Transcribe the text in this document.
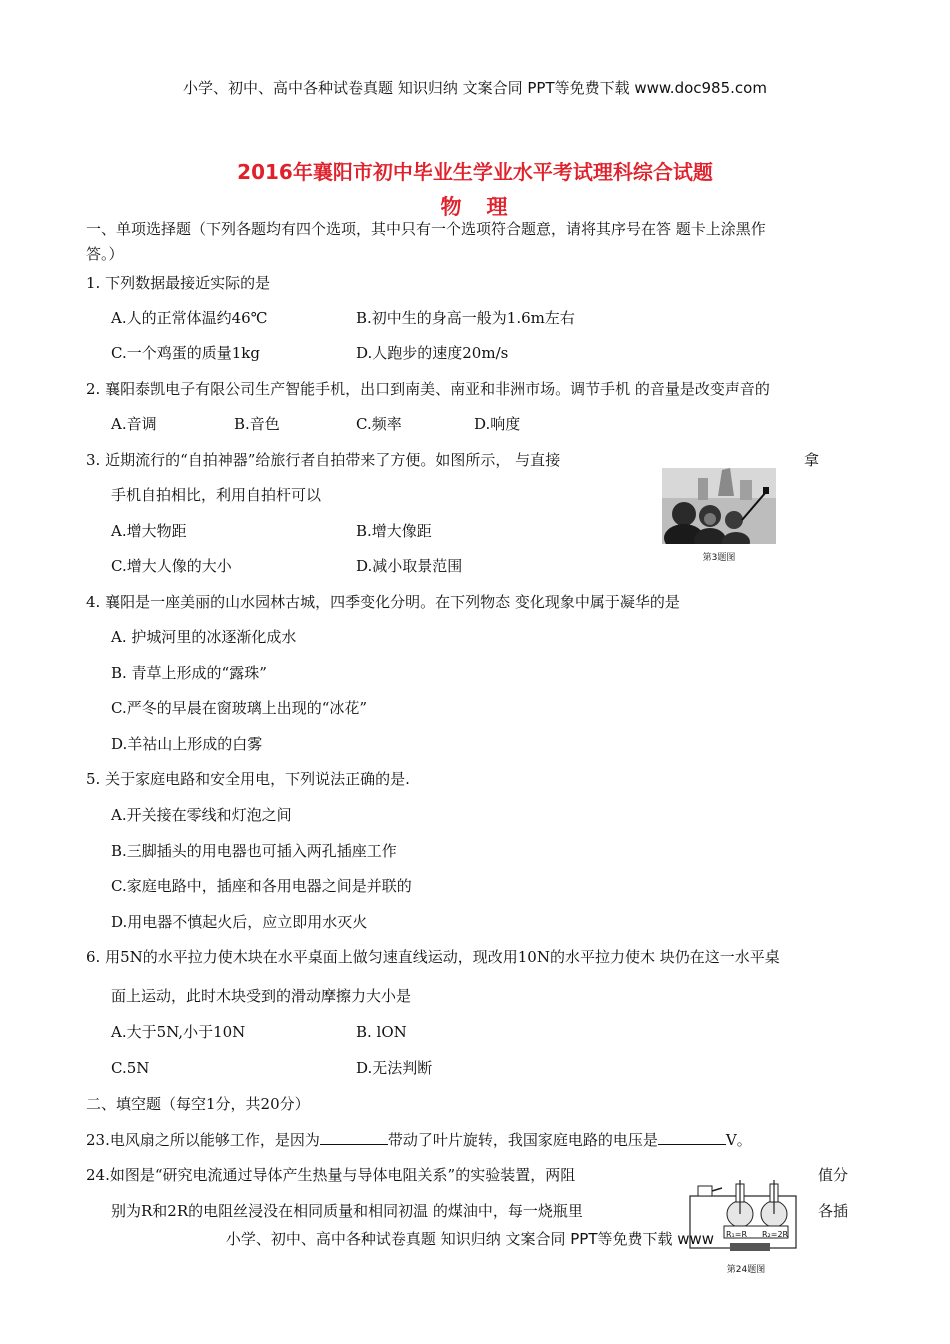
小学、初中、高中各种试卷真题 知识归纳 文案合同 PPT等免费下载 www.doc985.com
2016年襄阳市初中毕业生学业水平考试理科综合试题
物　理
一、单项选择题（下列各题均有四个选项，其中只有一个选项符合题意，请将其序号在答 题卡上涂黑作
答。）
1. 下列数据最接近实际的是
A.人的正常体温约46℃	B.初中生的身高一般为1.6m左右
C.一个鸡蛋的质量1kg	D.人跑步的速度20m/s
2. 襄阳泰凯电子有限公司生产智能手机，出口到南美、南亚和非洲市场。调节手机 的音量是改变声音的
A.音调	B.音色	C.频率	D.响度
3. 近期流行的“自拍神器”给旅行者自拍带来了方便。如图所示， 与直接	拿
手机自拍相比，利用自拍杆可以
A.增大物距	B.增大像距
C.增大人像的大小	D.减小取景范围	第3题图
4. 襄阳是一座美丽的山水园林古城，四季变化分明。在下列物态 变化现象中属于凝华的是
A. 护城河里的冰逐渐化成水
B. 青草上形成的“露珠”
C.严冬的早晨在窗玻璃上出现的“冰花”
D.羊祜山上形成的白雾
5. 关于家庭电路和安全用电，下列说法正确的是.
A.开关接在零线和灯泡之间
B.三脚插头的用电器也可插入两孔插座工作
C.家庭电路中，插座和各用电器之间是并联的
D.用电器不慎起火后，应立即用水灭火
6. 用5N的水平拉力使木块在水平桌面上做匀速直线运动，现改用10N的水平拉力使木 块仍在这一水平桌
面上运动，此时木块受到的滑动摩擦力大小是
A.大于5N,小于10N	B. lON
C.5N	D.无法判断
二、填空题（每空1分，共20分）
23.电风扇之所以能够工作，是因为	带动了叶片旋转，我国家庭电路的电压是	V。
24.如图是“研究电流通过导体产生热量与导体电阻关系”的实验装置，两阻	值分
别为R和2R的电阻丝浸没在相同质量和相同初温 的煤油中，每一烧瓶里	各插
R₁=R R₂=2R
第24题图
小学、初中、高中各种试卷真题 知识归纳 文案合同 PPT等免费下载 www
